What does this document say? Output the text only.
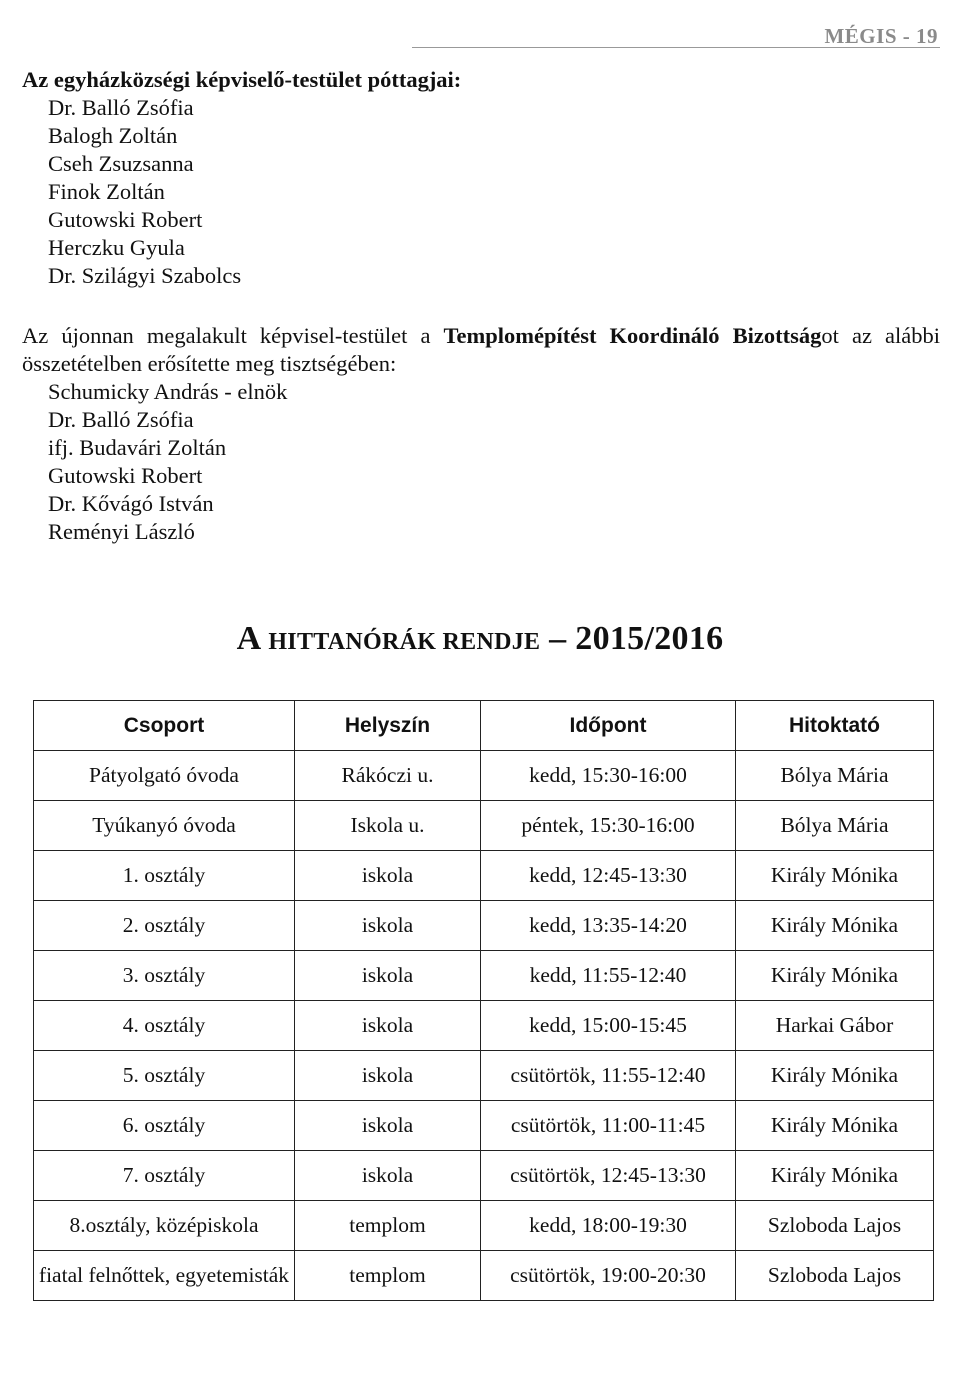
MÉGIS - 19
Az egyházközségi képviselő-testület póttagjai:
Dr. Balló Zsófia
Balogh Zoltán
Cseh Zsuzsanna
Finok Zoltán
Gutowski Robert
Herczku Gyula
Dr. Szilágyi Szabolcs
Az újonnan megalakult képvisel-testület a Templomépítést Koordináló Bizottságot az alábbi összetételben erősítette meg tisztségében:
Schumicky András - elnök
Dr. Balló Zsófia
ifj. Budavári Zoltán
Gutowski Robert
Dr. Kővágó István
Reményi László
A HITTANÓRÁK RENDJE – 2015/2016
Csoport	Helyszín	Időpont	Hitoktató
Pátyolgató óvoda	Rákóczi u.	kedd, 15:30-16:00	Bólya Mária
Tyúkanyó óvoda	Iskola u.	péntek, 15:30-16:00	Bólya Mária
1. osztály	iskola	kedd, 12:45-13:30	Király Mónika
2. osztály	iskola	kedd, 13:35-14:20	Király Mónika
3. osztály	iskola	kedd, 11:55-12:40	Király Mónika
4. osztály	iskola	kedd, 15:00-15:45	Harkai Gábor
5. osztály	iskola	csütörtök, 11:55-12:40	Király Mónika
6. osztály	iskola	csütörtök, 11:00-11:45	Király Mónika
7. osztály	iskola	csütörtök, 12:45-13:30	Király Mónika
8.osztály, középiskola	templom	kedd, 18:00-19:30	Szloboda Lajos
fiatal felnőttek, egyetemisták	templom	csütörtök, 19:00-20:30	Szloboda Lajos
